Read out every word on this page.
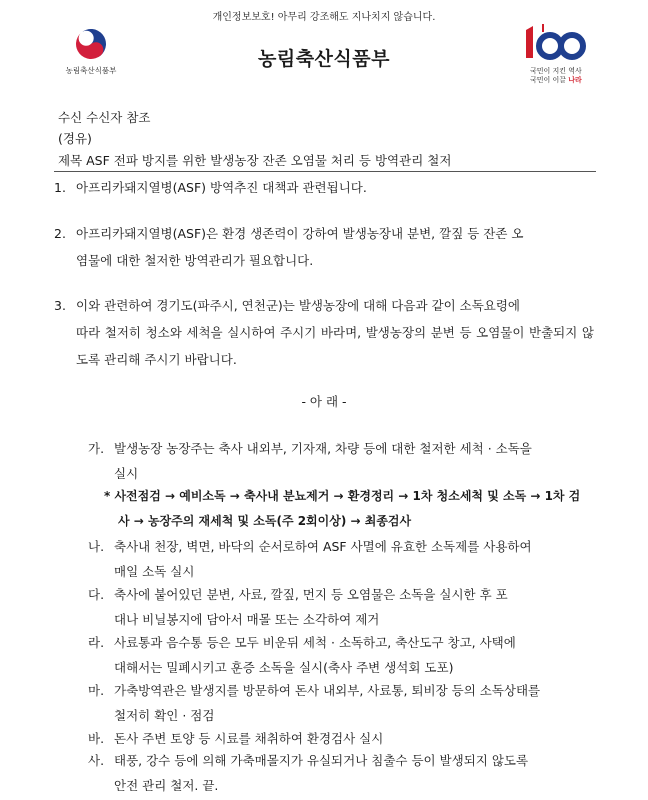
개인정보보호! 아무리 강조해도 지나치지 않습니다.
농림축산식품부
농림축산식품부
국민이 지킨 역사
국민이 이끌 나라
수신 수신자 참조
(경유)
제목 ASF 전파 방지를 위한 발생농장 잔존 오염물 처리 등 방역관리 철저
1. 아프리카돼지열병(ASF) 방역추진 대책과 관련됩니다.
2. 아프리카돼지열병(ASF)은 환경 생존력이 강하여 발생농장내 분변, 깔짚 등 잔존 오
염물에 대한 철저한 방역관리가 필요합니다.
3. 이와 관련하여 경기도(파주시, 연천군)는 발생농장에 대해 다음과 같이 소독요령에
따라 철저히 청소와 세척을 실시하여 주시기 바라며, 발생농장의 분변 등 오염물이 반출되지 않도록 관리해 주시기 바랍니다.
- 아 래 -
가. 발생농장 농장주는 축사 내외부, 기자재, 차량 등에 대한 철저한 세척 · 소독을
실시
* 사전점검 → 예비소독 → 축사내 분뇨제거 → 환경정리 → 1차 청소세척 및 소독 → 1차 검
사 → 농장주의 재세척 및 소독(주 2회이상) → 최종검사
나. 축사내 천장, 벽면, 바닥의 순서로하여 ASF 사멸에 유효한 소독제를 사용하여
매일 소독 실시
다. 축사에 붙어있던 분변, 사료, 깔짚, 먼지 등 오염물은 소독을 실시한 후 포
대나 비닐봉지에 담아서 매몰 또는 소각하여 제거
라. 사료통과 음수통 등은 모두 비운뒤 세척 · 소독하고, 축산도구 창고, 사택에
대해서는 밀폐시키고 훈증 소독을 실시(축사 주변 생석회 도포)
마. 가축방역관은 발생지를 방문하여 돈사 내외부, 사료통, 퇴비장 등의 소독상태를
철저히 확인 · 점검
바. 돈사 주변 토양 등 시료를 채취하여 환경검사 실시
사. 태풍, 강수 등에 의해 가축매몰지가 유실되거나 침출수 등이 발생되지 않도록
안전 관리 철저. 끝.
